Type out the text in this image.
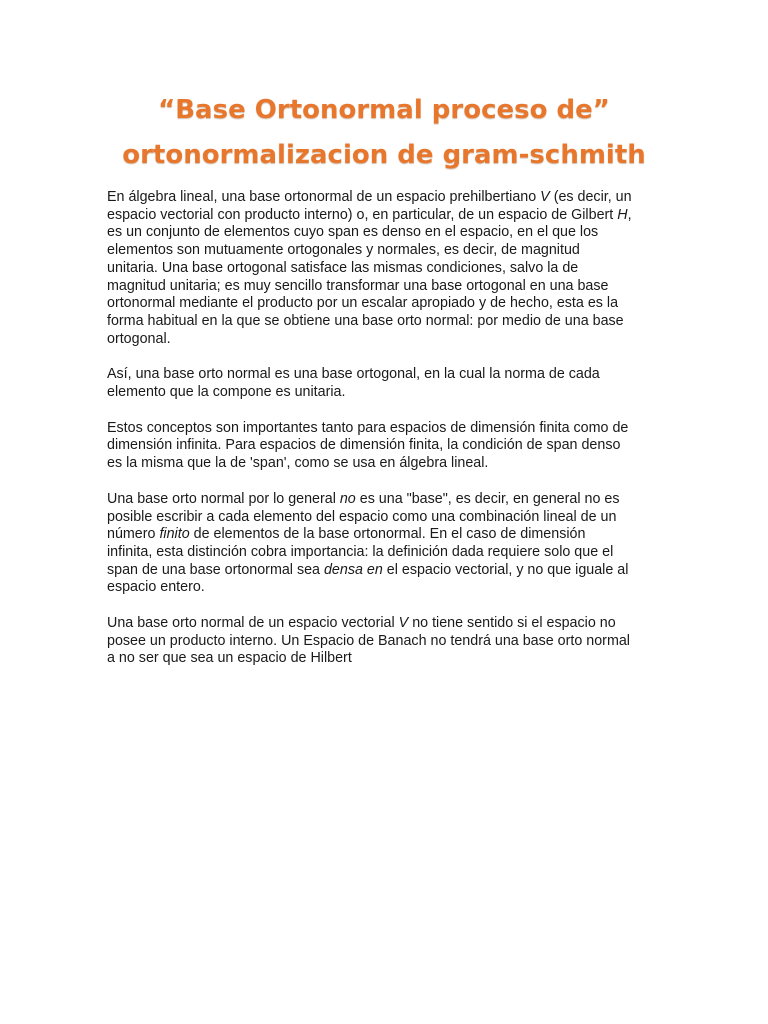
“Base Ortonormal proceso de”
ortonormalizacion de gram-schmith

En álgebra lineal, una base ortonormal de un espacio prehilbertiano V (es decir, un
espacio vectorial con producto interno) o, en particular, de un espacio de Gilbert H,
es un conjunto de elementos cuyo span es denso en el espacio, en el que los
elementos son mutuamente ortogonales y normales, es decir, de magnitud
unitaria. Una base ortogonal satisface las mismas condiciones, salvo la de
magnitud unitaria; es muy sencillo transformar una base ortogonal en una base
ortonormal mediante el producto por un escalar apropiado y de hecho, esta es la
forma habitual en la que se obtiene una base orto normal: por medio de una base
ortogonal.

Así, una base orto normal es una base ortogonal, en la cual la norma de cada
elemento que la compone es unitaria.

Estos conceptos son importantes tanto para espacios de dimensión finita como de
dimensión infinita. Para espacios de dimensión finita, la condición de span denso
es la misma que la de 'span', como se usa en álgebra lineal.

Una base orto normal por lo general no es una "base", es decir, en general no es
posible escribir a cada elemento del espacio como una combinación lineal de un
número finito de elementos de la base ortonormal. En el caso de dimensión
infinita, esta distinción cobra importancia: la definición dada requiere solo que el
span de una base ortonormal sea densa en el espacio vectorial, y no que iguale al
espacio entero.

Una base orto normal de un espacio vectorial V no tiene sentido si el espacio no
posee un producto interno. Un Espacio de Banach no tendrá una base orto normal
a no ser que sea un espacio de Hilbert
